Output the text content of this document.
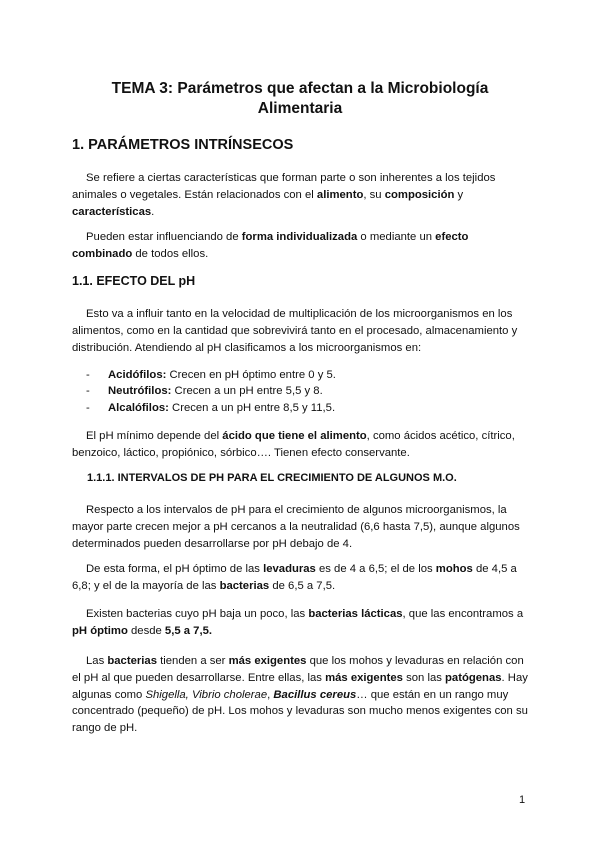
TEMA 3: Parámetros que afectan a la Microbiología
Alimentaria
1. PARÁMETROS INTRÍNSECOS

Se refiere a ciertas características que forman parte o son inherentes a los tejidos animales o vegetales. Están relacionados con el alimento, su composición y características.

Pueden estar influenciando de forma individualizada o mediante un efecto combinado de todos ellos.

1.1. EFECTO DEL pH

Esto va a influir tanto en la velocidad de multiplicación de los microorganismos en los alimentos, como en la cantidad que sobrevivirá tanto en el procesado, almacenamiento y distribución. Atendiendo al pH clasificamos a los microorganismos en:

- Acidófilos: Crecen en pH óptimo entre 0 y 5.
- Neutrófilos: Crecen a un pH entre 5,5 y 8.
- Alcalófilos: Crecen a un pH entre 8,5 y 11,5.

El pH mínimo depende del ácido que tiene el alimento, como ácidos acético, cítrico, benzoico, láctico, propiónico, sórbico…. Tienen efecto conservante.

1.1.1. INTERVALOS DE PH PARA EL CRECIMIENTO DE ALGUNOS M.O.

Respecto a los intervalos de pH para el crecimiento de algunos microorganismos, la mayor parte crecen mejor a pH cercanos a la neutralidad (6,6 hasta 7,5), aunque algunos determinados pueden desarrollarse por pH debajo de 4.

De esta forma, el pH óptimo de las levaduras es de 4 a 6,5; el de los mohos de 4,5 a 6,8; y el de la mayoría de las bacterias de 6,5 a 7,5.

Existen bacterias cuyo pH baja un poco, las bacterias lácticas, que las encontramos a pH óptimo desde 5,5 a 7,5.

Las bacterias tienden a ser más exigentes que los mohos y levaduras en relación con el pH al que pueden desarrollarse. Entre ellas, las más exigentes son las patógenas. Hay algunas como Shigella, Vibrio cholerae, Bacillus cereus… que están en un rango muy concentrado (pequeño) de pH. Los mohos y levaduras son mucho menos exigentes con su rango de pH.

1
